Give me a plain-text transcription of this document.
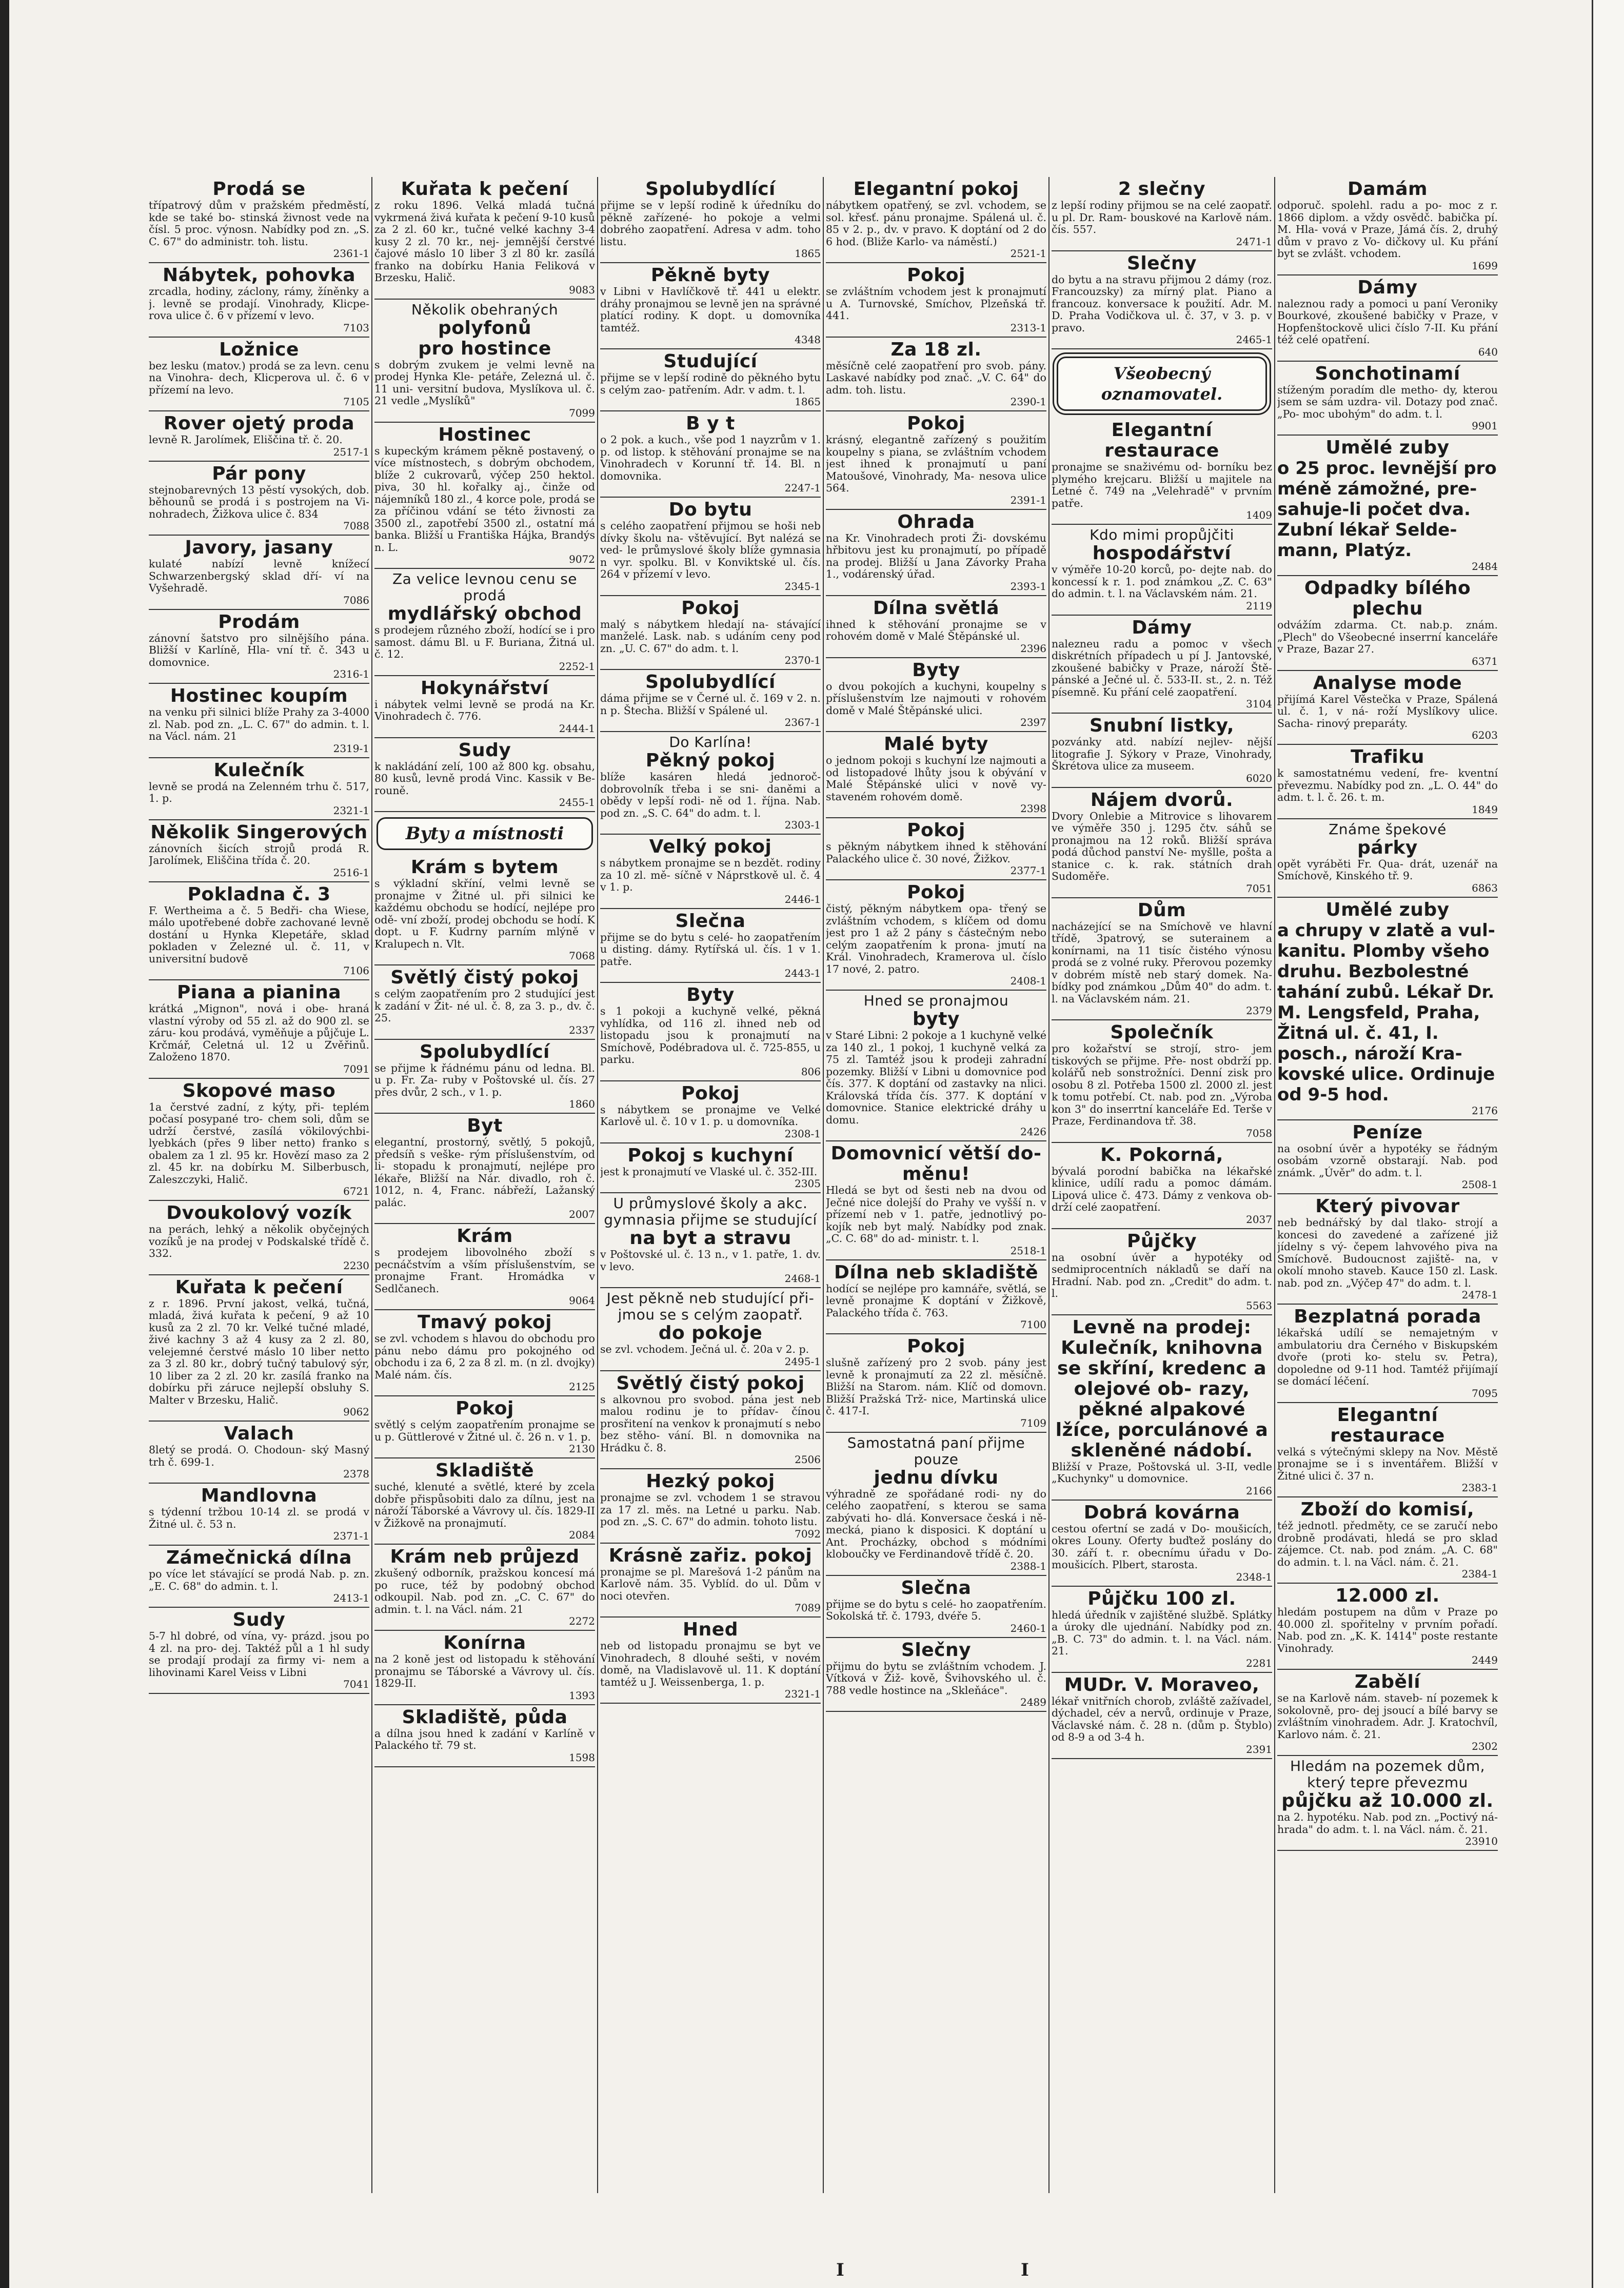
Prodá se
třípatrový dům v pražském předměstí, kde se také bo- stinská živnost vede na čísl. 5 proc. výnosn. Nabídky pod zn. „S. C. 67" do administr. toh. listu.
2361-1
Nábytek, pohovka
zrcadla, hodiny, záclony, rámy, žíněnky a j. levně se prodají. Vinohrady, Klicpe- rova ulice č. 6 v přízemí v levo.
7103
Ložnice
bez lesku (matov.) prodá se za levn. cenu na Vinohra- dech, Klicperova ul. č. 6 v přízemí na levo.
7105
Rover ojetý proda
levně R. Jarolímek, Eliščina tř. č. 20.
2517-1
Pár pony
stejnobarevných 13 pěstí vysokých, dob. běhounů se prodá i s postrojem na Vi- nohradech, Žižkova ulice č. 834
7088
Javory, jasany
kulaté nabízí levně knížecí Schwarzenbergský sklad dří- ví na Vyšehradě.
7086
Prodám
zánovní šatstvo pro silnějšího pána. Bližší v Karlíně, Hla- vní tř. č. 343 u domovnice.
2316-1
Hostinec koupím
na venku při silnici blíže Prahy za 3-4000 zl. Nab. pod zn. „L. C. 67" do admin. t. l. na Václ. nám. 21
2319-1
Kulečník
levně se prodá na Zelenném trhu č. 517, 1. p.
2321-1
Několik Singerových
zánovních šicích strojů prodá R. Jarolímek, Eliščina třída č. 20.
2516-1
Pokladna č. 3
F. Wertheima a č. 5 Bedři- cha Wiese, málo upotřebené dobře zachované levně dostání u Hynka Klepetáře, sklad pokladen v Zelezné ul. č. 11, v universitní budově
7106
Piana a pianina
krátká „Mignon", nová i obe- hraná vlastní výroby od 55 zl. až do 900 zl. se záru- kou prodává, vyměňuje a půjčuje L. Krčmář, Celetná ul. 12 u Zvěřinů. Založeno 1870.
7091
Skopové maso
1a čerstvé zadní, z kýty, při- teplém počasí posypané tro- chem soli, dům se udrží čerstvé, zasílá vökilovýchbi- lyebkách (přes 9 liber netto) franko s obalem za 1 zl. 95 kr. Hovězí maso za 2 zl. 45 kr. na dobírku M. Silberbusch, Zaleszczyki, Halič.
6721
Dvoukolový vozík
na perách, lehký a několik obyčejných vozíků je na prodej v Podskalské třídě č. 332.
2230
Kuřata k pečení
z r. 1896. První jakost, velká, tučná, mladá, živá kuřata k pečení, 9 až 10 kusů za 2 zl. 70 kr. Velké tučné mladé, živé kachny 3 až 4 kusy za 2 zl. 80, velejemné čerstvé máslo 10 liber netto za 3 zl. 80 kr., dobrý tučný tabulový sýr, 10 liber za 2 zl. 20 kr. zasílá franko na dobírku při záruce nejlepší obsluhy S. Malter v Brzesku, Halič.
9062
Valach
8letý se prodá. O. Chodoun- ský Masný trh č. 699-1.
2378
Mandlovna
s týdenní tržbou 10-14 zl. se prodá v Žitné ul. č. 53 n.
2371-1
Zámečnická dílna
po více let stávající se prodá Nab. p. zn. „E. C. 68" do admin. t. l.
2413-1
Sudy
5-7 hl dobré, od vína, vy- prázd. jsou po 4 zl. na pro- dej. Taktéž půl a 1 hl sudy se prodají prodají za firmy vi- nem a lihovinami Karel Veiss v Libni
7041
Kuřata k pečení
z roku 1896. Velká mladá tučná vykrmená živá kuřata k pečení 9-10 kusů za 2 zl. 60 kr., tučné velké kachny 3-4 kusy 2 zl. 70 kr., nej- jemnější čerstvé čajové máslo 10 liber 3 zl 80 kr. zasílá franko na dobírku Hania Feliková v Brzesku, Halič.
9083
Několik obehraných
polyfonů
pro hostince
s dobrým zvukem je velmi levně na prodej Hynka Kle- petáře, Zelezná ul. č. 11 uni- versitní budova, Myslíkova ul. č. 21 vedle „Myslíků"
7099
Hostinec
s kupeckým krámem pěkně postavený, o více místnostech, s dobrým obchodem, blíže 2 cukrovarů, výčep 250 hektol. piva, 30 hl. kořalky aj., činže od nájemníků 180 zl., 4 korce pole, prodá se za příčinou vdání se této živnosti za 3500 zl., zapotřebí 3500 zl., ostatní má banka. Bližší u Františka Hájka, Brandýs n. L.
9072
Za velice levnou cenu se prodá
mydlářský obchod
s prodejem různého zboží, hodící se i pro samost. dámu Bl. u F. Buriana, Žitná ul. č. 12.
2252-1
Hokynářství
i nábytek velmi levně se prodá na Kr. Vinohradech č. 776.
2444-1
Sudy
k nakládání zelí, 100 až 800 kg. obsahu, 80 kusů, levně prodá Vinc. Kassik v Be- rouně.
2455-1
Byty a místnosti
Krám s bytem
s výkladní skříní, velmi levně se pronajme v Žitné ul. při silnici ke každému obchodu se hodící, nejlépe pro odě- vní zboží, prodej obchodu se hodí. K dopt. u F. Kudrny parním mlýně v Kralupech n. Vlt.
7068
Světlý čistý pokoj
s celým zaopatřením pro 2 studující jest k zadání v Žit- né ul. č. 8, za 3. p., dv. č. 25.
2337
Spolubydlící
se přijme k řádnému pánu od ledna. Bl. u p. Fr. Za- ruby v Poštovské ul. čís. 27 přes dvůr, 2 sch., v 1. p.
1860
Byt
elegantní, prostorný, světlý, 5 pokojů, předsíň s veške- rým příslušenstvím, od li- stopadu k pronajmutí, nejlépe pro lékaře, Bližší na Nár. divadlo, roh č. 1012, n. 4, Franc. nábřeží, Lažanský palác.
2007
Krám
s prodejem libovolného zboží s pecnáčstvím a vším příslušenstvím, se pronajme Frant. Hromádka v Sedlčanech.
9064
Tmavý pokoj
se zvl. vchodem s hlavou do obchodu pro pánu nebo dámu pro pokojného od obchodu i za 6, 2 za 8 zl. m. (n zl. dvojky) Malé nám. čís.
2125
Pokoj
světlý s celým zaopatřením pronajme se u p. Güttlerové v Žitné ul. č. 26 n. v 1. p.
2130
Skladiště
suché, klenuté a světlé, které by zcela dobře přispůsobiti dalo za dílnu, jest na nároží Táborské a Vávrovy ul. čís. 1829-II v Žižkově na pronajmutí.
2084
Krám neb průjezd
zkušený odborník, pražskou koncesí má po ruce, též by podobný obchod odkoupil. Nab. pod zn. „C. C. 67" do admin. t. l. na Václ. nám. 21
2272
Konírna
na 2 koně jest od listopadu k stěhování pronajmu se Táborské a Vávrovy ul. čís. 1829-II.
1393
Skladiště, půda
a dílna jsou hned k zadání v Karlíně v Palackého tř. 79 st.
1598
Spolubydlící
přijme se v lepší rodině k úředníku do pěkně zařízené- ho pokoje a velmi dobrého zaopatření. Adresa v adm. toho listu.
1865
Pěkně byty
v Libni v Havlíčkově tř. 441 u elektr. dráhy pronajmou se levně jen na správné platící rodiny. K dopt. u domovníka tamtéž.
4348
Studující
přijme se v lepší rodině do pěkného bytu s celým zao- patřením. Adr. v adm. t. l.
1865
B y t
o 2 pok. a kuch., vše pod 1 nayzrům v 1. p. od listop. k stěhování pronajme se na Vinohradech v Korunní tř. 14. Bl. n domovnika.
2247-1
Do bytu
s celého zaopatření přijmou se hoši neb dívky školu na- vštěvující. Byt nalézá se ved- le průmyslové školy blíže gymnasia n vyr. spolku. Bl. v Konviktské ul. čís. 264 v přízemí v levo.
2345-1
Pokoj
malý s nábytkem hledají na- stávající manželé. Lask. nab. s udáním ceny pod zn. „U. C. 67" do adm. t. l.
2370-1
Spolubydlící
dáma přijme se v Černé ul. č. 169 v 2. n. n p. Štecha. Bližší v Spálené ul.
2367-1
Do Karlína!
Pěkný pokoj
blíže kasáren hledá jednoroč- dobrovolník třeba i se sni- daněmi a obědy v lepší rodi- ně od 1. října. Nab. pod zn. „S. C. 64" do adm. t. l.
2303-1
Velký pokoj
s nábytkem pronajme se n bezdět. rodiny za 10 zl. mě- síčně v Náprstkově ul. č. 4 v 1. p.
2446-1
Slečna
přijme se do bytu s celé- ho zaopatřením u disting. dámy. Rytířská ul. čís. 1 v 1. patře.
2443-1
Byty
s 1 pokoji a kuchyně velké, pěkná vyhlídka, od 116 zl. ihned neb od listopadu jsou k pronajmutí na Smíchově, Podébradova ul. č. 725-855, u parku.
806
Pokoj
s nábytkem se pronajme ve Velké Karlově ul. č. 10 v 1. p. u domovníka.
2308-1
Pokoj s kuchyní
jest k pronajmutí ve Vlaské ul. č. 352-III.
2305
U průmyslové školy a akc. gymnasia přijme se studující
na byt a stravu
v Poštovské ul. č. 13 n., v 1. patře, 1. dv. v levo.
2468-1
Jest pěkně neb studující při- jmou se s celým zaopatř.
do pokoje
se zvl. vchodem. Ječná ul. č. 20a v 2. p.
2495-1
Světlý čistý pokoj
s alkovnou pro svobod. pána jest neb malou rodinu je to přídav- čínou prosřitení na venkov k pronajmutí s nebo bez stěho- vání. Bl. n domovnika na Hrádku č. 8.
2506
Hezký pokoj
pronajme se zvl. vchodem 1 se stravou za 17 zl. měs. na Letné u parku. Nab. pod zn. „S. C. 67" do admin. tohoto listu.
7092
Krásně zařiz. pokoj
pronajme se pl. Marešová 1-2 pánům na Karlově nám. 35. Vyblíd. do ul. Dům v noci otevřen.
7089
Hned
neb od listopadu pronajmu se byt ve Vinohradech, 8 dlouhé sešti, v novém domě, na Vladislavově ul. 11. K doptání tamtéž u J. Weissenberga, 1. p.
2321-1
Elegantní pokoj
nábytkem opatřený, se zvl. vchodem, se sol. křesť. pánu pronajme. Spálená ul. č. 85 v 2. p., dv. v pravo. K doptání od 2 do 6 hod. (Bliže Karlo- va náměstí.)
2521-1
Pokoj
se zvláštním vchodem jest k pronajmutí u A. Turnovské, Smíchov, Plzeňská tř. 441.
2313-1
Za 18 zl.
měsíčně celé zaopatření pro svob. pány. Laskavé nabídky pod znač. „V. C. 64" do adm. toh. listu.
2390-1
Pokoj
krásný, elegantně zařízený s použitím koupelny s piana, se zvláštním vchodem jest ihned k pronajmutí u paní Matoušové, Vinohrady, Ma- nesova ulice 564.
2391-1
Ohrada
na Kr. Vinohradech proti Ži- dovskému hřbitovu jest ku pronajmutí, po případě na prodej. Bližší u Jana Závorky Praha 1., vodárenský úřad.
2393-1
Dílna světlá
ihned k stěhování pronajme se v rohovém domě v Malé Štěpánské ul.
2396
Byty
o dvou pokojích a kuchyni, koupelny s příslušenstvím lze najmouti v rohovém domě v Malé Štěpánské ulici.
2397
Malé byty
o jednom pokoji s kuchyní lze najmouti a od listopadové lhůty jsou k obývání v Malé Štěpánské ulici v nově vy- staveném rohovém domě.
2398
Pokoj
s pěkným nábytkem ihned k stěhování Palackého ulice č. 30 nové, Žižkov.
2377-1
Pokoj
čistý, pěkným nábytkem opa- třený se zvláštním vchodem, s klíčem od domu jest pro 1 až 2 pány s částečným nebo celým zaopatřením k prona- jmutí na Král. Vinohradech, Kramerova ul. číslo 17 nové, 2. patro.
2408-1
Hned se pronajmou
byty
v Staré Libni: 2 pokoje a 1 kuchyně velké za 140 zl., 1 pokoj, 1 kuchyně velká za 75 zl. Tamtéž jsou k prodeji zahradní pozemky. Bližší v Libni u domovnice pod čís. 377. K doptání od zastavky na nlici. Královská třída čís. 377. K doptání v domovnice. Stanice elektrické dráhy u domu.
2426
Domovnicí větší do- měnu!
Hledá se byt od šesti neb na dvou od Ječné nice dolejší do Prahy ve vyšší n. v přízemí neb v 1. patře, jednotlivý po- kojík neb byt malý. Nabídky pod znak. „C. C. 68" do ad- ministr. t. l.
2518-1
Dílna neb skladiště
hodící se nejlépe pro kamnáře, světlá, se levně pronajme K doptání v Žižkově, Palackého třída č. 763.
7100
Pokoj
slušně zařízený pro 2 svob. pány jest levně k pronajmutí za 22 zl. měsíčně. Bližší na Starom. nám. Klíč od domovn. Bližší Pražská Trž- nice, Martinská ulice č. 417-I.
7109
Samostatná paní přijme pouze
jednu dívku
výhradně ze spořádané rodi- ny do celého zaopatření, s kterou se sama zabývati ho- dlá. Konversace česká i ně- mecká, piano k disposici. K doptání u Ant. Procházky, obchod s módními kloboučky ve Ferdinandově třídě č. 20.
2388-1
Slečna
přijme se do bytu s celé- ho zaopatřením. Sokolská tř. č. 1793, dvéře 5.
2460-1
Slečny
přijmu do bytu se zvláštním vchodem. J. Vítková v Žiž- kově, Švihovského ul. č. 788 vedle hostince na „Skleňáce".
2489
2 slečny
z lepší rodiny přijmou se na celé zaopatř. u pl. Dr. Ram- bouskové na Karlově nám. čís. 557.
2471-1
Slečny
do bytu a na stravu přijmou 2 dámy (roz. Francouzsky) za mírný plat. Piano a francouz. konversace k použití. Adr. M. D. Praha Vodičkova ul. č. 37, v 3. p. v pravo.
2465-1
Všeobecný oznamovatel.
Elegantní restaurace
pronajme se snaživému od- borníku bez plymého krejcaru. Bližší u majitele na Letné č. 749 na „Velehradě" v prvním patře.
1409
Kdo mimi propůjčiti
hospodářství
v výměře 10-20 korců, po- dejte nab. do koncessí k r. 1. pod známkou „Z. C. 63" do admin. t. l. na Václavském nám. 21.
2119
Dámy
nalezneu radu a pomoc v všech diskrétních případech u pí J. Jantovské, zkoušené babičky v Praze, nároží Ště- pánské a Ječné ul. č. 533-II. st., 2. n. Též písemně. Ku přání celé zaopatření.
3104
Snubní listky,
pozvánky atd. nabízí nejlev- nější litografie J. Sýkory v Praze, Vinohrady, Škrétova ulice za museem.
6020
Nájem dvorů.
Dvory Onlebie a Mitrovice s lihovarem ve výměře 350 j. 1295 čtv. sáhů se pronajmou na 12 roků. Bližší správa podá důchod panství Ne- myšlle, pošta a stanice c. k. rak. státních drah Sudoměře.
7051
Dům
nacházející se na Smíchově ve hlavní třídě, 3patrový, se suterainem a konírnami, na 11 tisíc čistého výnosu prodá se z volné ruky. Přerovou pozemky v dobrém místě neb starý domek. Na- bídky pod známkou „Dům 40" do adm. t. l. na Václavském nám. 21.
2379
Společník
pro kožařství se strojí, stro- jem tiskových se přijme. Pře- nost obdrží pp. kolářů neb sonstrožníci. Denní zisk pro osobu 8 zl. Potřeba 1500 zl. 2000 zl. jest k tomu potřebí. Ct. nab. pod zn. „Výroba kon 3" do inserrtní kanceláře Ed. Terše v Praze, Ferdinandova tř. 38.
7058
K. Pokorná,
bývalá porodní babička na lékařské klinice, udílí radu a pomoc dámám. Lipová ulice č. 473. Dámy z venkova ob- drží celé zaopatření.
2037
Půjčky
na osobní úvěr a hypotéky od sedmiprocentních nákladů se daří na Hradní. Nab. pod zn. „Credit" do adm. t. l.
5563
Levně na prodej:
Kulečník, knihovna se skříní, kredenc a olejové ob- razy, pěkné alpakové lžíce, porculánové a skleněné nádobí.
Bližší v Praze, Poštovská ul. 3-II, vedle „Kuchynky" u domovnice.
2166
Dobrá kovárna
cestou ofertní se zadá v Do- moušicích, okres Louny. Oferty buďtež poslány do 30. září t. r. obecnímu úřadu v Do- moušicích. Plbert, starosta.
2348-1
Půjčku 100 zl.
hledá úředník v zajištěné službě. Splátky a úroky dle ujednání. Nabídky pod zn. „B. C. 73" do admin. t. l. na Václ. nám. 21.
2281
MUDr. V. Moraveo,
lékař vnitřních chorob, zvláště zažívadel, dýchadel, cév a nervů, ordinuje v Praze, Václavské nám. č. 28 n. (dům p. Štyblo) od 8-9 a od 3-4 h.
2391
Damám
odporuč. spolehl. radu a po- moc z r. 1866 diplom. a vždy osvědč. babička pí. M. Hla- vová v Praze, Jámá čís. 2, druhý dům v pravo z Vo- dičkovy ul. Ku přání byt se zvlášt. vchodem.
1699
Dámy
naleznou rady a pomoci u paní Veroniky Bourkové, zkoušené babičky v Praze, v Hopfenštockově ulici číslo 7-II. Ku přání též celé opatření.
640
Sonchotinamí
stíženým poradím dle metho- dy, kterou jsem se sám uzdra- vil. Dotazy pod znač. „Po- moc ubohým" do adm. t. l.
9901
Umělé zuby
o 25 proc. levnější pro méně zámožné, pre- sahuje-li počet dva. Zubní lékař Selde- mann, Platýz.
2484
Odpadky bílého plechu
odvážím zdarma. Ct. nab.p. znám. „Plech" do Všeobecné inserrní kanceláře v Praze, Bazar 27.
6371
Analyse mode
přijímá Karel Věstečka v Praze, Spálená ul. č. 1, v ná- roží Myslíkovy ulice. Sacha- rinový preparáty.
6203
Trafiku
k samostatnému vedení, fre- kventní převezmu. Nabídky pod zn. „L. O. 44" do adm. t. l. č. 26. t. m.
1849
Známe špekové
párky
opět vyráběti Fr. Qua- drát, uzenář na Smíchově, Kinského tř. 9.
6863
Umělé zuby
a chrupy v zlatě a vul- kanitu. Plomby všeho druhu. Bezbolestné tahání zubů. Lékař Dr. M. Lengsfeld, Praha, Žitná ul. č. 41, I. posch., nároží Kra- kovské ulice. Ordinuje od 9-5 hod.
2176
Peníze
na osobní úvěr a hypotéky se řádným osobám vzorně obstarají. Nab. pod známk. „Úvěr" do adm. t. l.
2508-1
Který pivovar
neb bednářský by dal tlako- strojí a koncesi do zavedené a zařízené již jídelny s vý- čepem lahvového piva na Smíchově. Budoucnost zajiště- na, v okolí mnoho staveb. Kauce 150 zl. Lask. nab. pod zn. „Výčep 47" do adm. t. l.
2478-1
Bezplatná porada
lékařská udílí se nemajetným v ambulatoriu dra Černého v Biskupském dvoře (proti ko- stelu sv. Petra), dopoledne od 9-11 hod. Tamtéž přijímají se domácí léčení.
7095
Elegantní restaurace
velká s výtečnými sklepy na Nov. Městě pronajme se i s inventářem. Bližší v Žitné ulici č. 37 n.
2383-1
Zboží do komisí,
též jednotl. předměty, ce se zaručí nebo drobně prodávati, hledá se pro sklad zájemce. Ct. nab. pod znám. „A. C. 68" do admin. t. l. na Václ. nám. č. 21.
2384-1
12.000 zl.
hledám postupem na dům v Praze po 40.000 zl. spořitelny v prvním pořadí. Nab. pod zn. „K. K. 1414" poste restante Vinohrady.
2449
Zabělí
se na Karlově nám. staveb- ní pozemek k sokolovně, pro- dej jsoucí a bílé barvy se zvláštním vinohradem. Adr. J. Kratochvíl, Karlovo nám. č. 21.
2302
Hledám na pozemek dům, který tepre převezmu
půjčku až 10.000 zl.
na 2. hypotéku. Nab. pod zn. „Poctivý ná- hrada" do adm. t. l. na Václ. nám. č. 21.
23910
I	I
